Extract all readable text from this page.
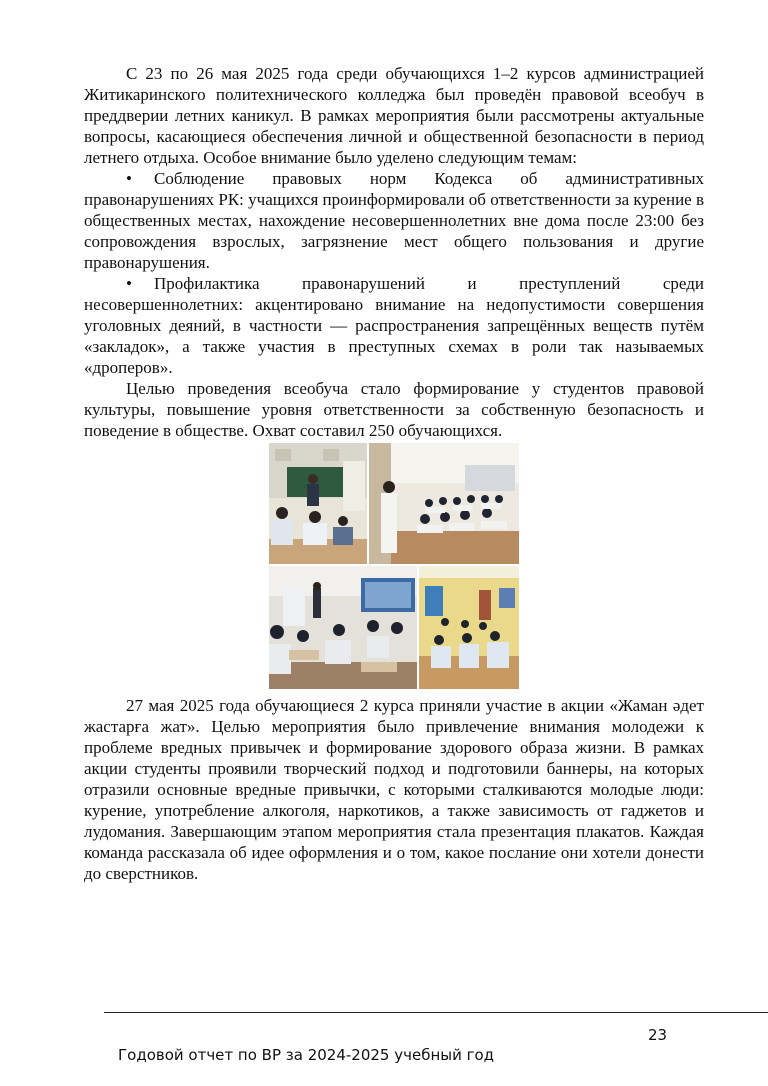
С 23 по 26 мая 2025 года среди обучающихся 1–2 курсов администрацией Житикаринского политехнического колледжа был проведён правовой всеобуч в преддверии летних каникул. В рамках мероприятия были рассмотрены актуальные вопросы, касающиеся обеспечения личной и общественной безопасности в период летнего отдыха. Особое внимание было уделено следующим темам:

• Соблюдение правовых норм Кодекса об административных правонарушениях РК: учащихся проинформировали об ответственности за курение в общественных местах, нахождение несовершеннолетних вне дома после 23:00 без сопровождения взрослых, загрязнение мест общего пользования и другие правонарушения.

• Профилактика правонарушений и преступлений среди несовершеннолетних: акцентировано внимание на недопустимости совершения уголовных деяний, в частности — распространения запрещённых веществ путём «закладок», а также участия в преступных схемах в роли так называемых «дроперов».

Целью проведения всеобуча стало формирование у студентов правовой культуры, повышение уровня ответственности за собственную безопасность и поведение в обществе. Охват составил 250 обучающихся.

27 мая 2025 года обучающиеся 2 курса приняли участие в акции «Жаман әдет жастарға жат». Целью мероприятия было привлечение внимания молодежи к проблеме вредных привычек и формирование здорового образа жизни. В рамках акции студенты проявили творческий подход и подготовили баннеры, на которых отразили основные вредные привычки, с которыми сталкиваются молодые люди: курение, употребление алкоголя, наркотиков, а также зависимость от гаджетов и лудомания. Завершающим этапом мероприятия стала презентация плакатов. Каждая команда рассказала об идее оформления и о том, какое послание они хотели донести до сверстников.

23
Годовой отчет по ВР за 2024-2025 учебный год
